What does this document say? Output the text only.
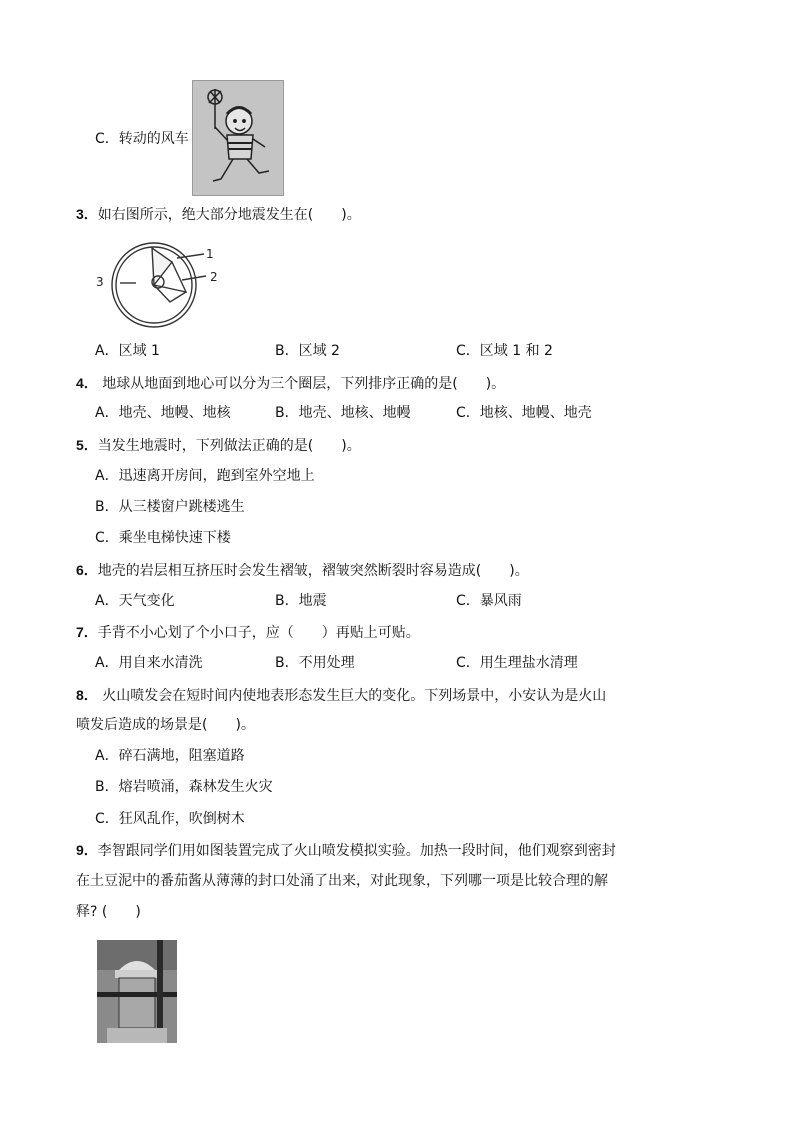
C．转动的风车
3．如右图所示，绝大部分地震发生在(　　)。
1
2
3
A．区域 1	B．区域 2	C．区域 1 和 2
4． 地球从地面到地心可以分为三个圈层，下列排序正确的是(　　)。
A．地壳、地幔、地核	B．地壳、地核、地幔	C．地核、地幔、地壳
5．当发生地震时，下列做法正确的是(　　)。
A．迅速离开房间，跑到室外空地上
B．从三楼窗户跳楼逃生
C．乘坐电梯快速下楼
6．地壳的岩层相互挤压时会发生褶皱，褶皱突然断裂时容易造成(　　)。
A．天气变化	B．地震	C．暴风雨
7．手背不小心划了个小口子，应（　　）再贴上可贴。
A．用自来水清洗	B．不用处理	C．用生理盐水清理
8． 火山喷发会在短时间内使地表形态发生巨大的变化。下列场景中，小安认为是火山
喷发后造成的场景是(　　)。
A．碎石满地，阻塞道路
B．熔岩喷涌，森林发生火灾
C．狂风乱作，吹倒树木
9．李智跟同学们用如图装置完成了火山喷发模拟实验。加热一段时间，他们观察到密封
在土豆泥中的番茄酱从薄薄的封口处涌了出来，对此现象，下列哪一项是比较合理的解
释? (　　)
